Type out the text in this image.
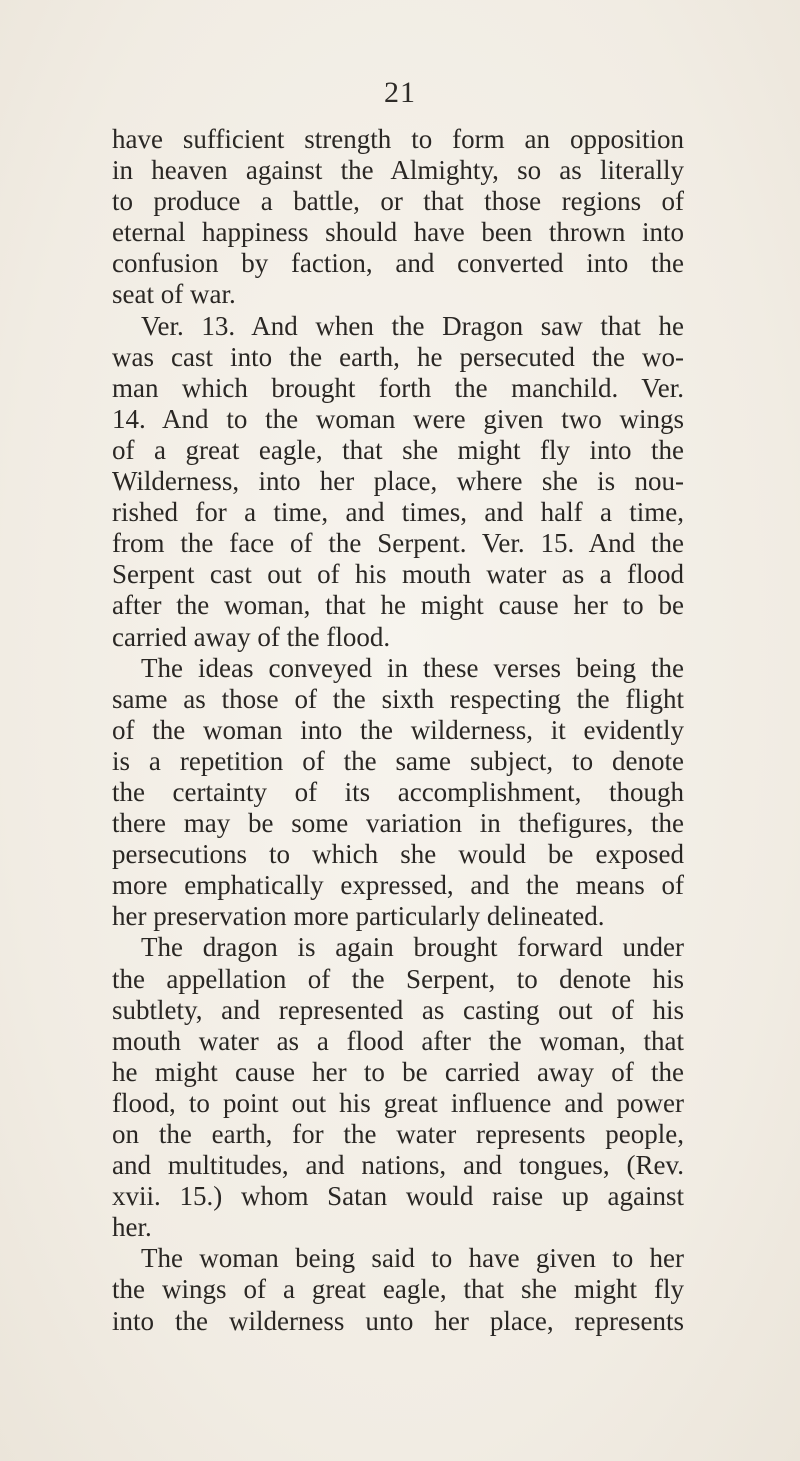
21
have sufficient strength to form an opposition
in heaven against the Almighty, so as literally
to produce a battle, or that those regions of
eternal happiness should have been thrown into
confusion by faction, and converted into the
seat of war.
Ver. 13. And when the Dragon saw that he
was cast into the earth, he persecuted the wo-
man which brought forth the manchild. Ver.
14. And to the woman were given two wings
of a great eagle, that she might fly into the
Wilderness, into her place, where she is nou-
rished for a time, and times, and half a time,
from the face of the Serpent. Ver. 15. And the
Serpent cast out of his mouth water as a flood
after the woman, that he might cause her to be
carried away of the flood.
The ideas conveyed in these verses being the
same as those of the sixth respecting the flight
of the woman into the wilderness, it evidently
is a repetition of the same subject, to denote
the certainty of its accomplishment, though
there may be some variation in thefigures, the
persecutions to which she would be exposed
more emphatically expressed, and the means of
her preservation more particularly delineated.
The dragon is again brought forward under
the appellation of the Serpent, to denote his
subtlety, and represented as casting out of his
mouth water as a flood after the woman, that
he might cause her to be carried away of the
flood, to point out his great influence and power
on the earth, for the water represents people,
and multitudes, and nations, and tongues, (Rev.
xvii. 15.) whom Satan would raise up against
her.
The woman being said to have given to her
the wings of a great eagle, that she might fly
into the wilderness unto her place, represents
